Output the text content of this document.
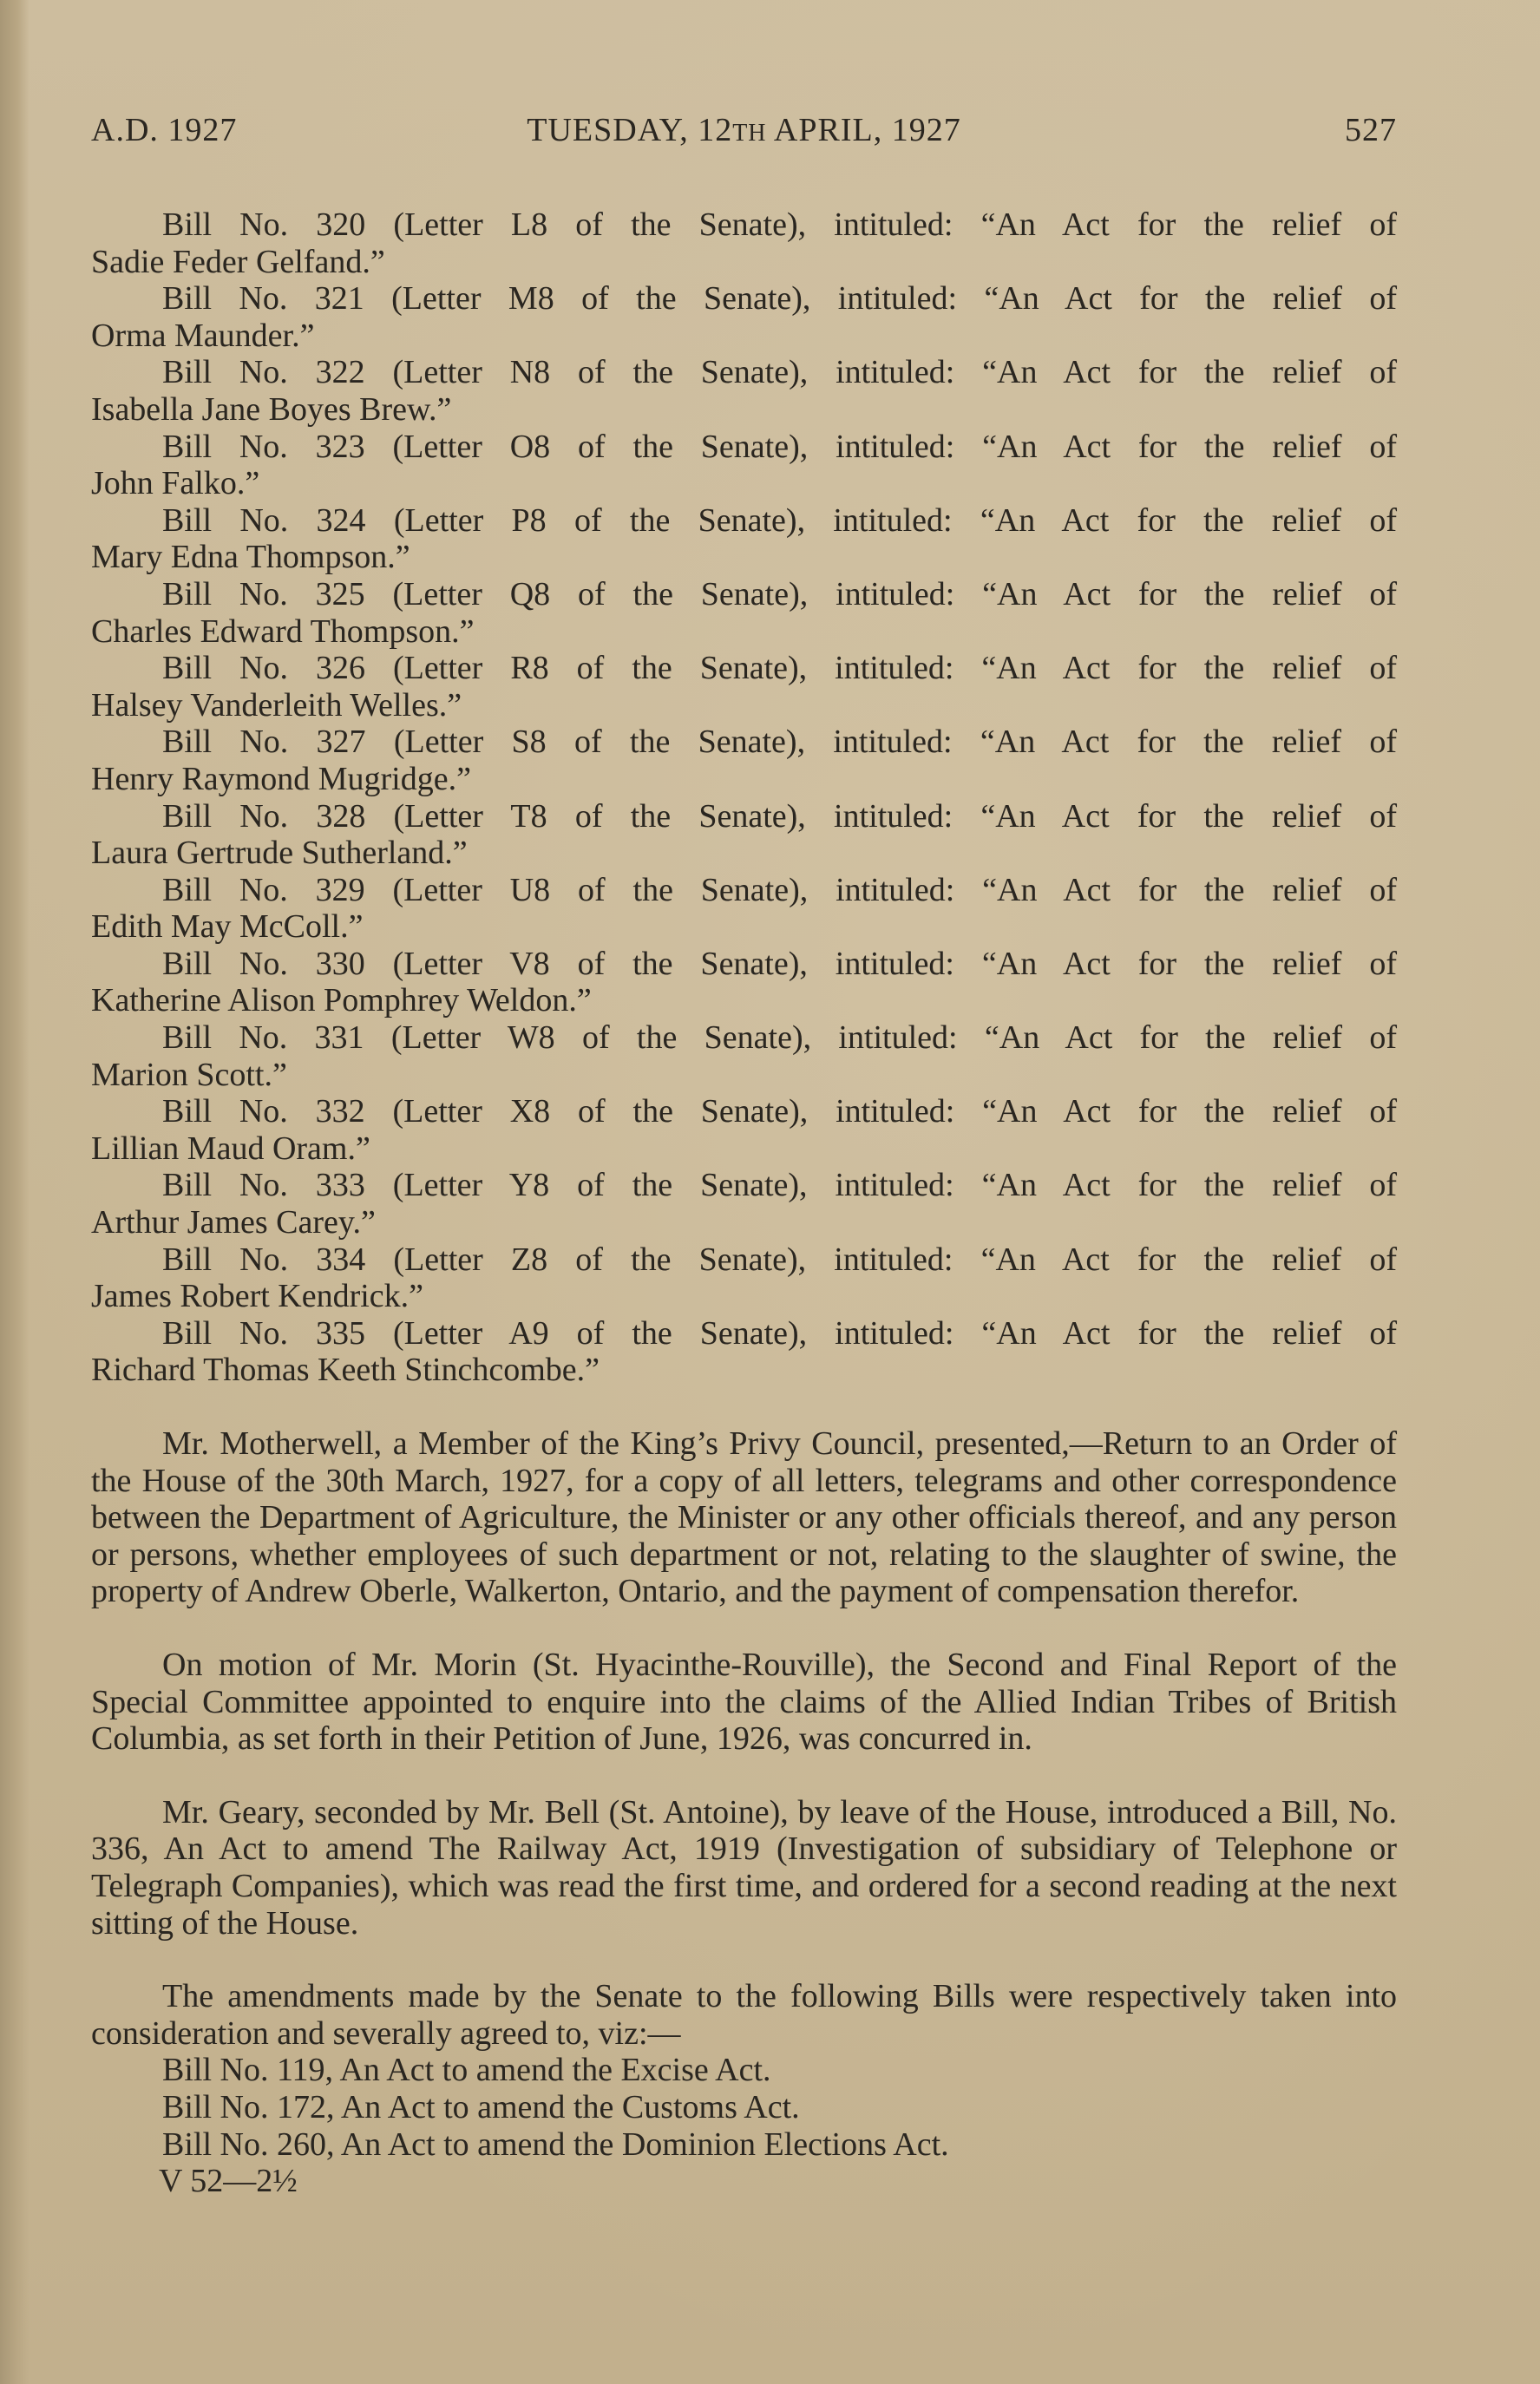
A.D. 1927	TUESDAY, 12TH APRIL, 1927	527
Bill No. 320 (Letter L8 of the Senate), intituled: “An Act for the relief of
Sadie Feder Gelfand.”
Bill No. 321 (Letter M8 of the Senate), intituled: “An Act for the relief of
Orma Maunder.”
Bill No. 322 (Letter N8 of the Senate), intituled: “An Act for the relief of
Isabella Jane Boyes Brew.”
Bill No. 323 (Letter O8 of the Senate), intituled: “An Act for the relief of
John Falko.”
Bill No. 324 (Letter P8 of the Senate), intituled: “An Act for the relief of
Mary Edna Thompson.”
Bill No. 325 (Letter Q8 of the Senate), intituled: “An Act for the relief of
Charles Edward Thompson.”
Bill No. 326 (Letter R8 of the Senate), intituled: “An Act for the relief of
Halsey Vanderleith Welles.”
Bill No. 327 (Letter S8 of the Senate), intituled: “An Act for the relief of
Henry Raymond Mugridge.”
Bill No. 328 (Letter T8 of the Senate), intituled: “An Act for the relief of
Laura Gertrude Sutherland.”
Bill No. 329 (Letter U8 of the Senate), intituled: “An Act for the relief of
Edith May McColl.”
Bill No. 330 (Letter V8 of the Senate), intituled: “An Act for the relief of
Katherine Alison Pomphrey Weldon.”
Bill No. 331 (Letter W8 of the Senate), intituled: “An Act for the relief of
Marion Scott.”
Bill No. 332 (Letter X8 of the Senate), intituled: “An Act for the relief of
Lillian Maud Oram.”
Bill No. 333 (Letter Y8 of the Senate), intituled: “An Act for the relief of
Arthur James Carey.”
Bill No. 334 (Letter Z8 of the Senate), intituled: “An Act for the relief of
James Robert Kendrick.”
Bill No. 335 (Letter A9 of the Senate), intituled: “An Act for the relief of
Richard Thomas Keeth Stinchcombe.”

Mr. Motherwell, a Member of the King’s Privy Council, presented,—Return to an Order of the House of the 30th March, 1927, for a copy of all letters, telegrams and other correspondence between the Department of Agriculture, the Minister or any other officials thereof, and any person or persons, whether employees of such department or not, relating to the slaughter of swine, the property of Andrew Oberle, Walkerton, Ontario, and the payment of compensation therefor.

On motion of Mr. Morin (St. Hyacinthe-Rouville), the Second and Final Report of the Special Committee appointed to enquire into the claims of the Allied Indian Tribes of British Columbia, as set forth in their Petition of June, 1926, was concurred in.

Mr. Geary, seconded by Mr. Bell (St. Antoine), by leave of the House, introduced a Bill, No. 336, An Act to amend The Railway Act, 1919 (Investigation of subsidiary of Telephone or Telegraph Companies), which was read the first time, and ordered for a second reading at the next sitting of the House.

The amendments made by the Senate to the following Bills were respectively taken into consideration and severally agreed to, viz:—

Bill No. 119, An Act to amend the Excise Act.
Bill No. 172, An Act to amend the Customs Act.
Bill No. 260, An Act to amend the Dominion Elections Act.
V 52—2½
